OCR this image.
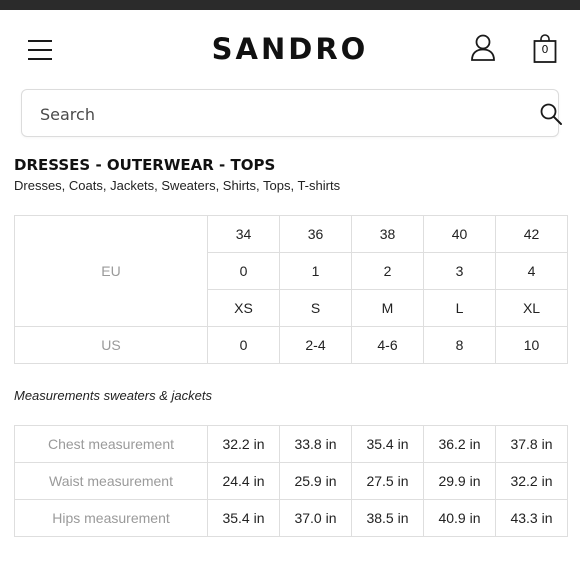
SANDRO	0
Search
DRESSES - OUTERWEAR - TOPS
Dresses, Coats, Jackets, Sweaters, Shirts, Tops, T-shirts
EU	34	36	38	40	42
	0	1	2	3	4
	XS	S	M	L	XL
US	0	2-4	4-6	8	10
Measurements sweaters & jackets
Chest measurement	32.2 in	33.8 in	35.4 in	36.2 in	37.8 in
Waist measurement	24.4 in	25.9 in	27.5 in	29.9 in	32.2 in
Hips measurement	35.4 in	37.0 in	38.5 in	40.9 in	43.3 in
